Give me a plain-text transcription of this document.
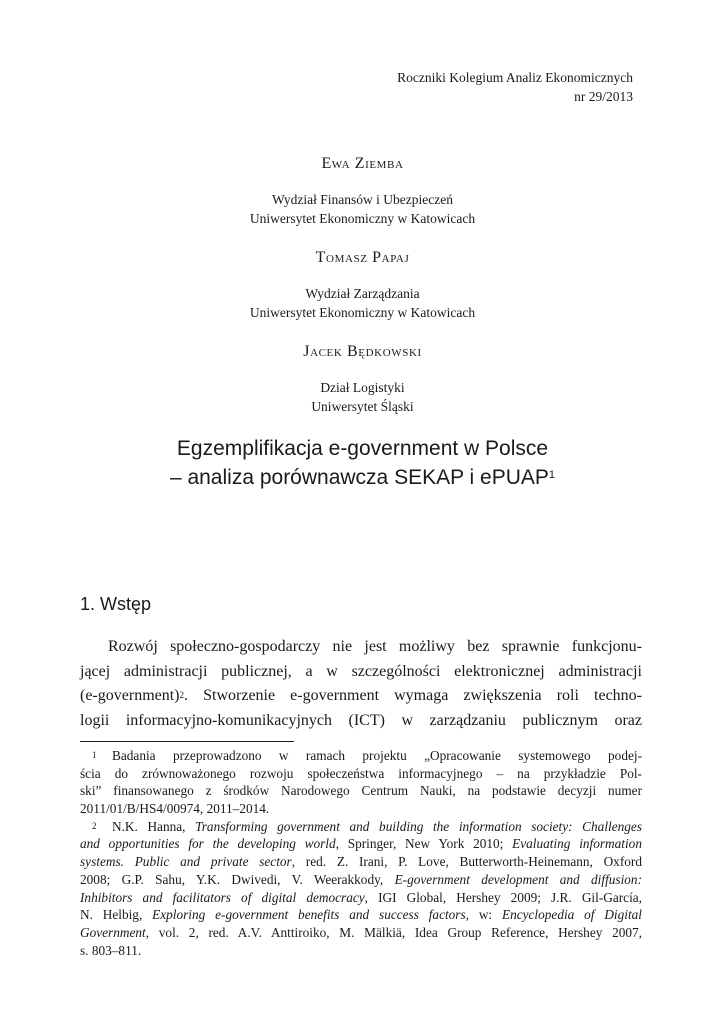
Roczniki Kolegium Analiz Ekonomicznych
nr 29/2013
Ewa Ziemba
Wydział Finansów i Ubezpieczeń
Uniwersytet Ekonomiczny w Katowicach
Tomasz Papaj
Wydział Zarządzania
Uniwersytet Ekonomiczny w Katowicach
Jacek Będkowski
Dział Logistyki
Uniwersytet Śląski
Egzemplifikacja e-government w Polsce
– analiza porównawcza SEKAP i ePUAP$^1$
1. Wstęp
Rozwój społeczno-gospodarczy nie jest możliwy bez sprawnie funkcjonu-
jącej administracji publicznej, a w szczególności elektronicznej administracji
(e-government)$^2$. Stworzenie e-government wymaga zwiększenia roli techno-
logii informacyjno-komunikacyjnych (ICT) w zarządzaniu publicznym oraz
1 Badania przeprowadzono w ramach projektu „Opracowanie systemowego podej-
ścia do zrównoważonego rozwoju społeczeństwa informacyjnego – na przykładzie Pol-
ski” finansowanego z środków Narodowego Centrum Nauki, na podstawie decyzji numer
2011/01/B/HS4/00974, 2011–2014.
2 N.K. Hanna, Transforming government and building the information society: Challenges
and opportunities for the developing world, Springer, New York 2010; Evaluating information
systems. Public and private sector, red. Z. Irani, P. Love, Butterworth-Heinemann, Oxford
2008; G.P. Sahu, Y.K. Dwivedi, V. Weerakkody, E-government development and diffusion:
Inhibitors and facilitators of digital democracy, IGI Global, Hershey 2009; J.R. Gil-García,
N. Helbig, Exploring e-government benefits and success factors, w: Encyclopedia of Digital
Government, vol. 2, red. A.V. Anttiroiko, M. Mälkiä, Idea Group Reference, Hershey 2007,
s. 803–811.
